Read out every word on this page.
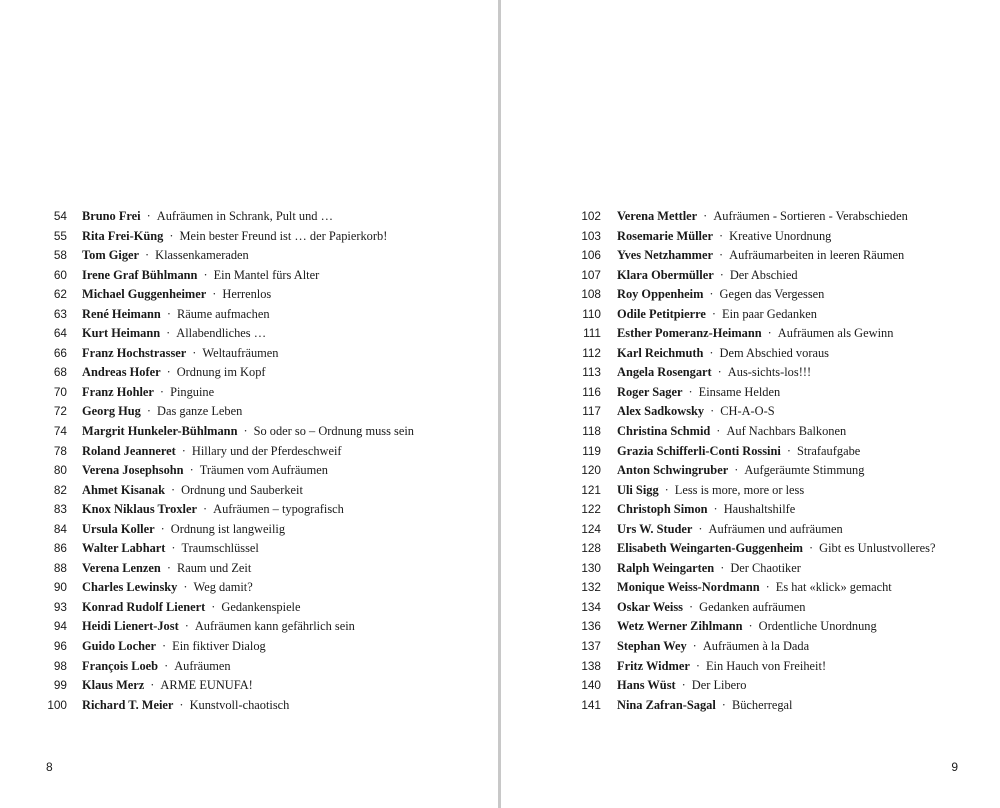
54 Bruno Frei · Aufräumen in Schrank, Pult und …
55 Rita Frei-Küng · Mein bester Freund ist … der Papierkorb!
58 Tom Giger · Klassenkameraden
60 Irene Graf Bühlmann · Ein Mantel fürs Alter
62 Michael Guggenheimer · Herrenlos
63 René Heimann · Räume aufmachen
64 Kurt Heimann · Allabendliches …
66 Franz Hochstrasser · Weltaufräumen
68 Andreas Hofer · Ordnung im Kopf
70 Franz Hohler · Pinguine
72 Georg Hug · Das ganze Leben
74 Margrit Hunkeler-Bühlmann · So oder so – Ordnung muss sein
78 Roland Jeanneret · Hillary und der Pferdeschweif
80 Verena Josephsohn · Träumen vom Aufräumen
82 Ahmet Kisanak · Ordnung und Sauberkeit
83 Knox Niklaus Troxler · Aufräumen – typografisch
84 Ursula Koller · Ordnung ist langweilig
86 Walter Labhart · Traumschlüssel
88 Verena Lenzen · Raum und Zeit
90 Charles Lewinsky · Weg damit?
93 Konrad Rudolf Lienert · Gedankenspiele
94 Heidi Lienert-Jost · Aufräumen kann gefährlich sein
96 Guido Locher · Ein fiktiver Dialog
98 François Loeb · Aufräumen
99 Klaus Merz · ARME EUNUFA!
100 Richard T. Meier · Kunstvoll-chaotisch
8
102 Verena Mettler · Aufräumen - Sortieren - Verabschieden
103 Rosemarie Müller · Kreative Unordnung
106 Yves Netzhammer · Aufräumarbeiten in leeren Räumen
107 Klara Obermüller · Der Abschied
108 Roy Oppenheim · Gegen das Vergessen
110 Odile Petitpierre · Ein paar Gedanken
111 Esther Pomeranz-Heimann · Aufräumen als Gewinn
112 Karl Reichmuth · Dem Abschied voraus
113 Angela Rosengart · Aus-sichts-los!!!
116 Roger Sager · Einsame Helden
117 Alex Sadkowsky · CH-A-O-S
118 Christina Schmid · Auf Nachbars Balkonen
119 Grazia Schifferli-Conti Rossini · Strafaufgabe
120 Anton Schwingruber · Aufgeräumte Stimmung
121 Uli Sigg · Less is more, more or less
122 Christoph Simon · Haushaltshilfe
124 Urs W. Studer · Aufräumen und aufräumen
128 Elisabeth Weingarten-Guggenheim · Gibt es Unlustvolleres?
130 Ralph Weingarten · Der Chaotiker
132 Monique Weiss-Nordmann · Es hat «klick» gemacht
134 Oskar Weiss · Gedanken aufräumen
136 Wetz Werner Zihlmann · Ordentliche Unordnung
137 Stephan Wey · Aufräumen à la Dada
138 Fritz Widmer · Ein Hauch von Freiheit!
140 Hans Wüst · Der Libero
141 Nina Zafran-Sagal · Bücherregal
9
